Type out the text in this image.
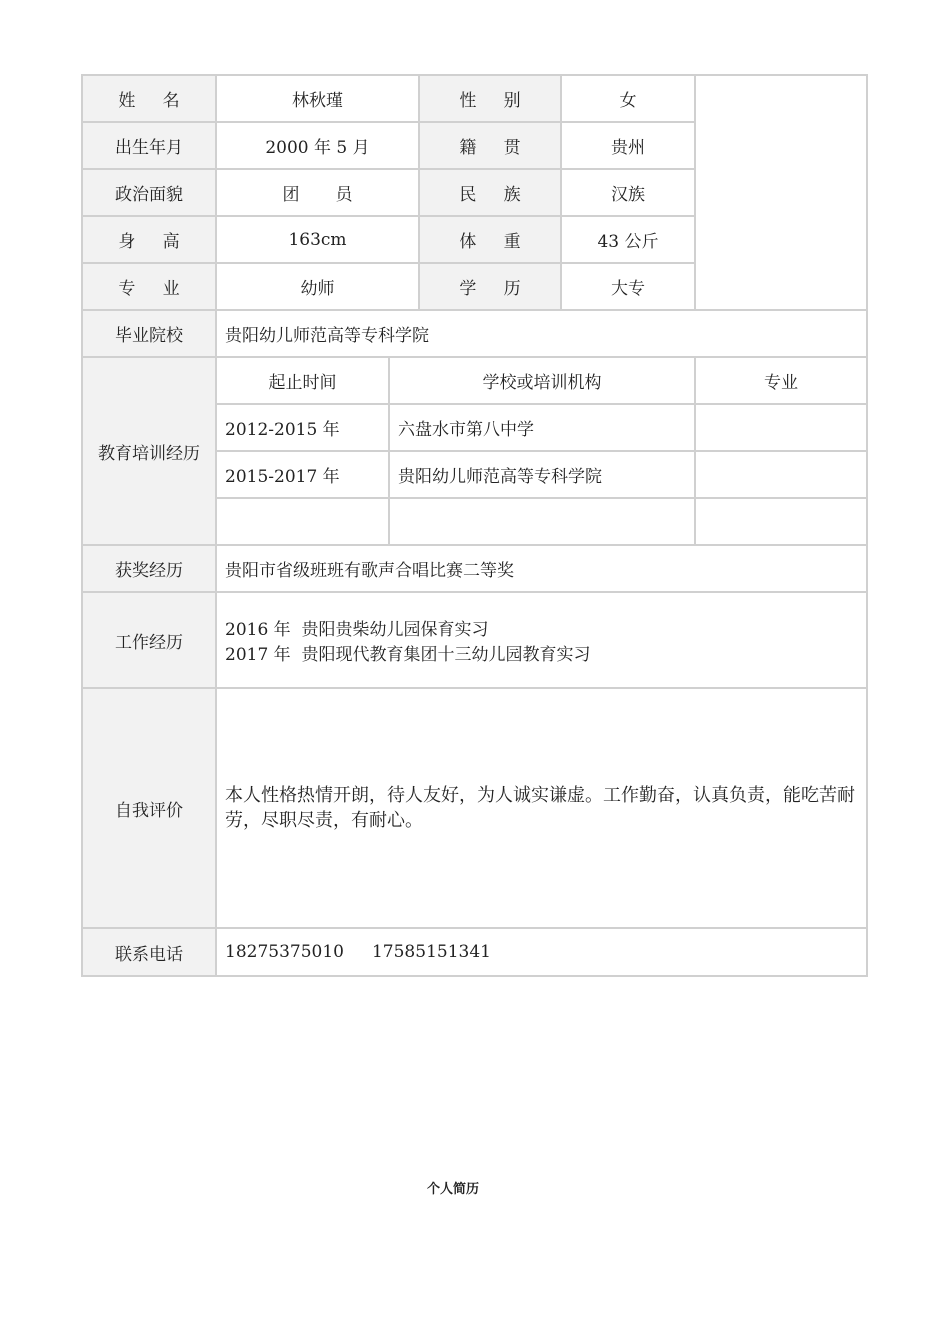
姓名	林秋瑾		性别	女	
出生年月	2000 年 5 月		籍贯	贵州	
政治面貌	团 员		民族	汉族	
身高	163cm		体重	43 公斤	
专业	幼师		学历	大专	
毕业院校	贵阳幼儿师范高等专科学院				
教育培训经历	起止时间	学校或培训机构			专业
	2012-2015 年	六盘水市第八中学			
	2015-2017 年	贵阳幼儿师范高等专科学院			

获奖经历	贵阳市省级班班有歌声合唱比赛二等奖				
工作经历	2016 年  贵阳贵柴幼儿园保育实习
2017 年  贵阳现代教育集团十三幼儿园教育实习				

自我评价	本人性格热情开朗，待人友好，为人诚实谦虚。工作勤奋，认真负责，能吃苦耐劳，尽职尽责，有耐心。				
联系电话	18275375010 17585151341				
个人简历
